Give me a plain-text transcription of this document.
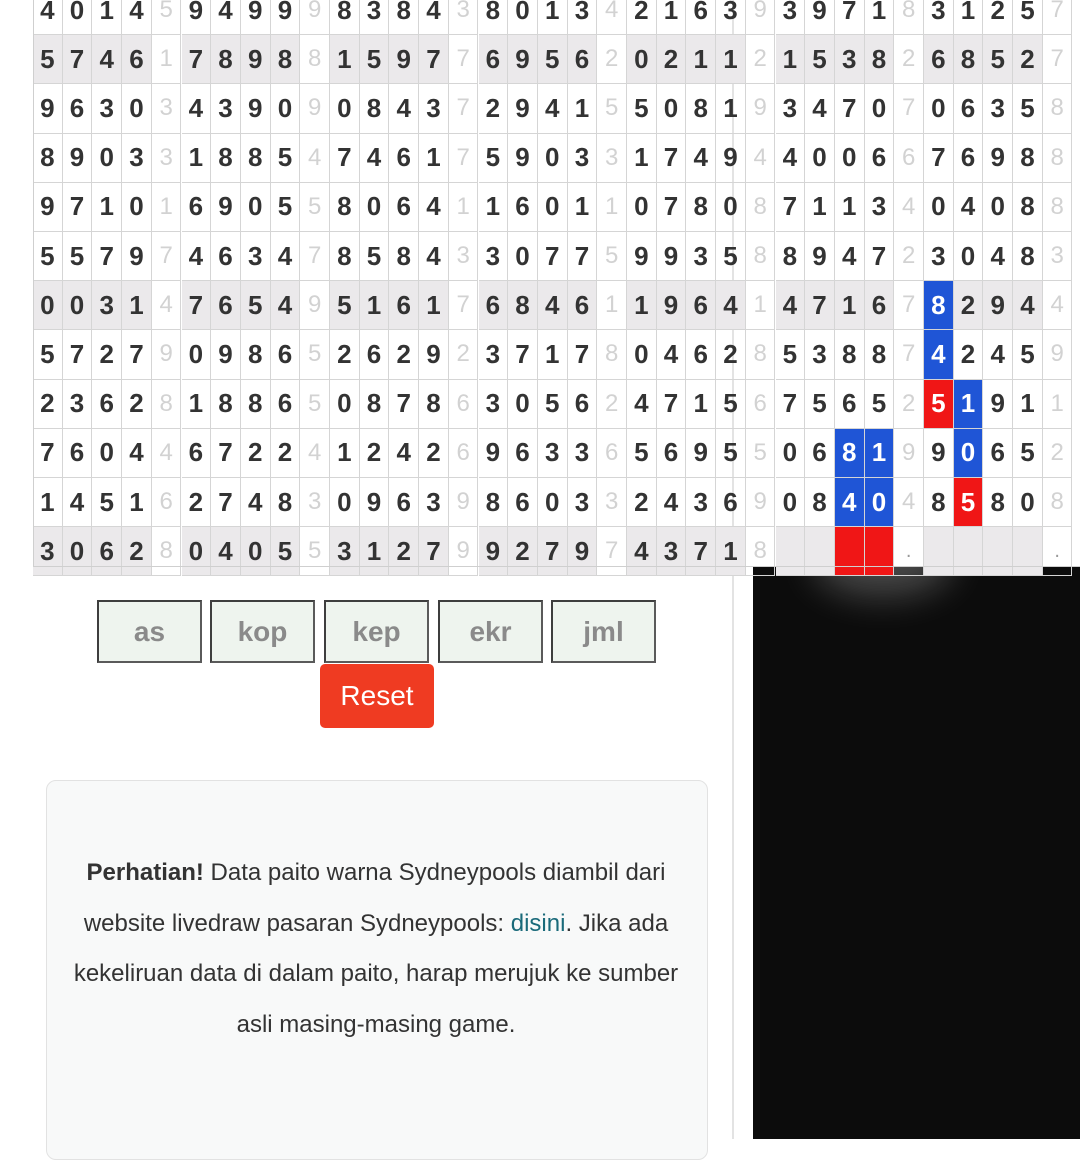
4 0 1 4 5 9 4 9 9 9 8 3 8 4 3 8 0 1 3 4 2 1 6 3 9 3 9 7 1 8 3 1 2 5 7
5 7 4 6 1 7 8 9 8 8 1 5 9 7 7 6 9 5 6 2 0 2 1 1 2 1 5 3 8 2 6 8 5 2 7
9 6 3 0 3 4 3 9 0 9 0 8 4 3 7 2 9 4 1 5 5 0 8 1 9 3 4 7 0 7 0 6 3 5 8
8 9 0 3 3 1 8 8 5 4 7 4 6 1 7 5 9 0 3 3 1 7 4 9 4 4 0 0 6 6 7 6 9 8 8
9 7 1 0 1 6 9 0 5 5 8 0 6 4 1 1 6 0 1 1 0 7 8 0 8 7 1 1 3 4 0 4 0 8 8
5 5 7 9 7 4 6 3 4 7 8 5 8 4 3 3 0 7 7 5 9 9 3 5 8 8 9 4 7 2 3 0 4 8 3
0 0 3 1 4 7 6 5 4 9 5 1 6 1 7 6 8 4 6 1 1 9 6 4 1 4 7 1 6 7 8 2 9 4 4
5 7 2 7 9 0 9 8 6 5 2 6 2 9 2 3 7 1 7 8 0 4 6 2 8 5 3 8 8 7 4 2 4 5 9
2 3 6 2 8 1 8 8 6 5 0 8 7 8 6 3 0 5 6 2 4 7 1 5 6 7 5 6 5 2 5 1 9 1 1
7 6 0 4 4 6 7 2 2 4 1 2 4 2 6 9 6 3 3 6 5 6 9 5 5 0 6 8 1 9 9 0 6 5 2
1 4 5 1 6 2 7 4 8 3 0 9 6 3 9 8 6 0 3 3 2 4 3 6 9 0 8 4 0 4 8 5 8 0 8
3 0 6 2 8 0 4 0 5 5 3 1 2 7 9 9 2 7 9 7 4 3 7 1 8	.	.
as
kop
kep
ekr
jml
Reset
Perhatian! Data paito warna Sydneypools diambil dari website livedraw pasaran Sydneypools: disini. Jika ada kekeliruan data di dalam paito, harap merujuk ke sumber asli masing-masing game.
